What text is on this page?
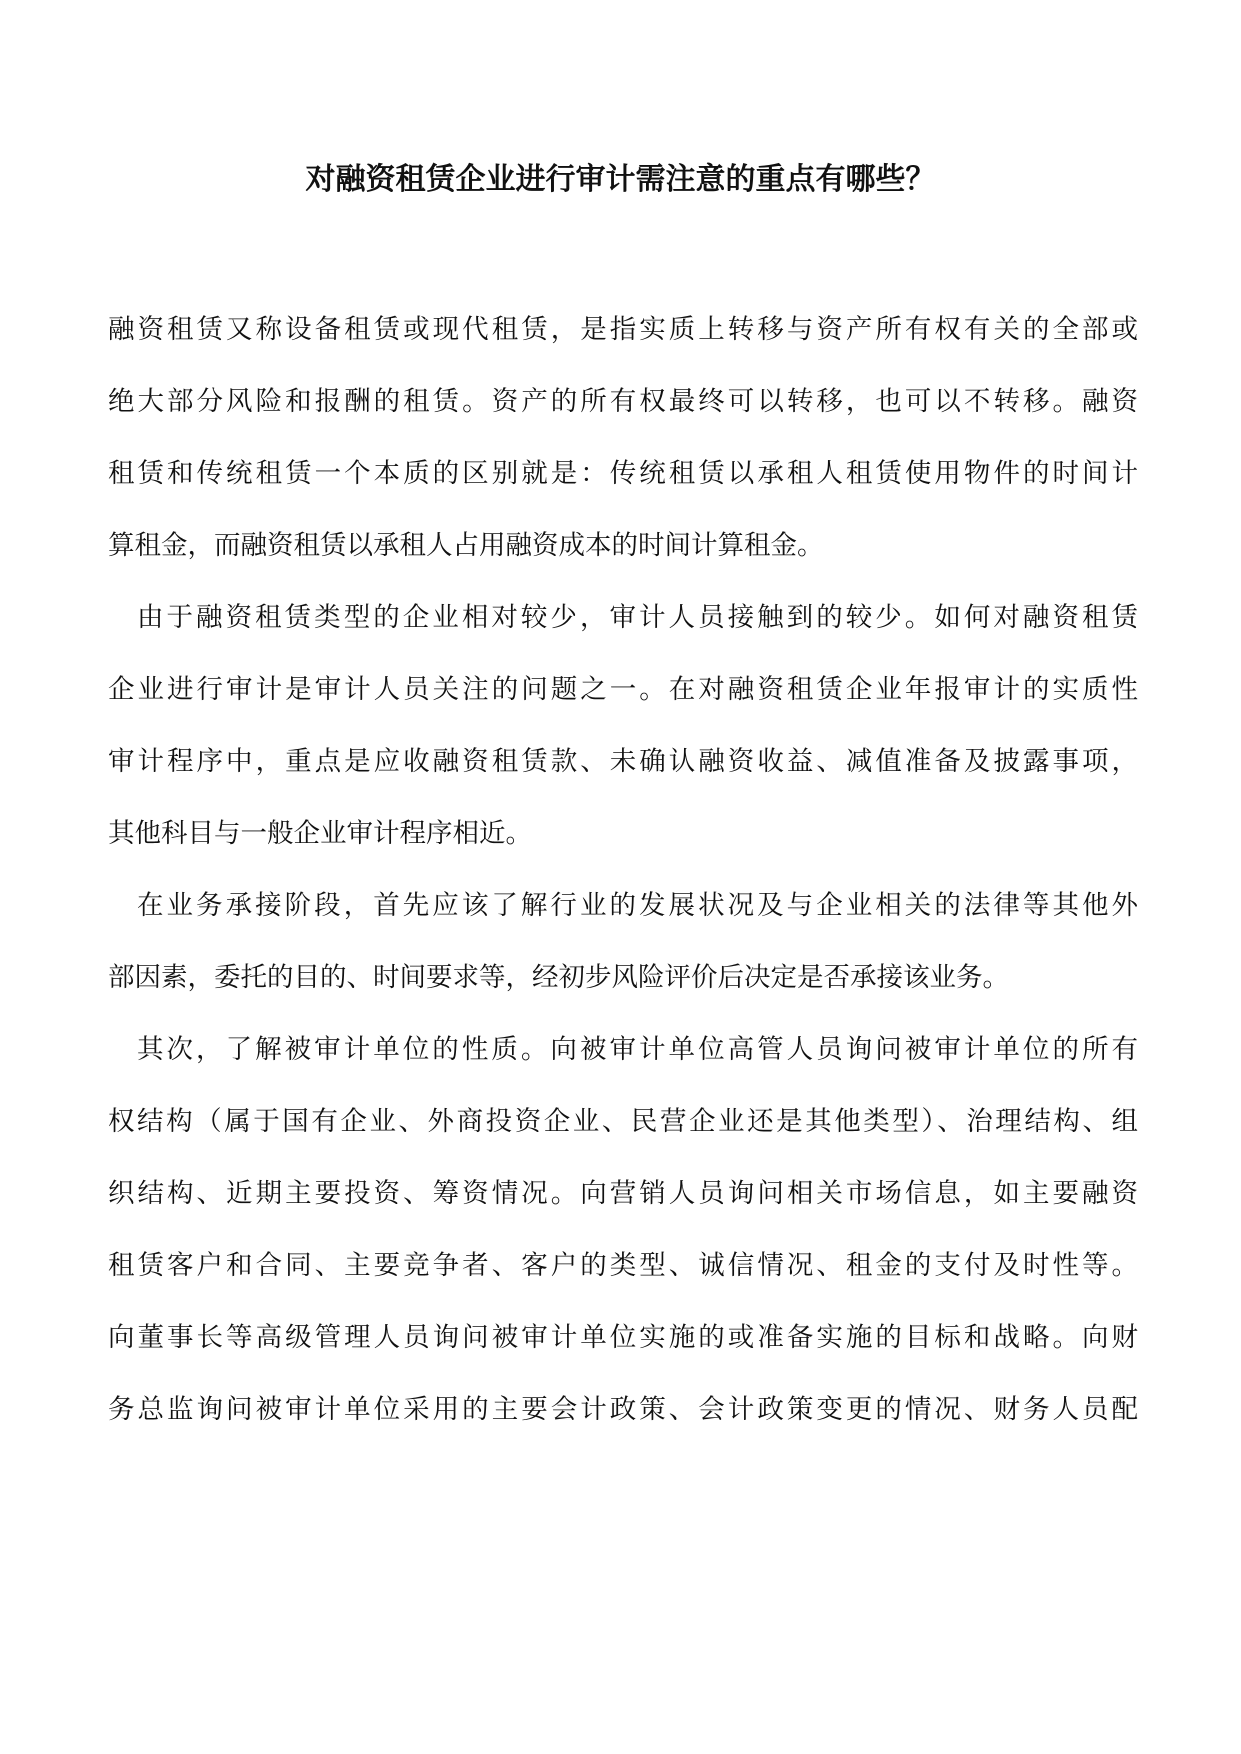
对融资租赁企业进行审计需注意的重点有哪些？

融资租赁又称设备租赁或现代租赁，是指实质上转移与资产所有权有关的全部或

绝大部分风险和报酬的租赁。资产的所有权最终可以转移，也可以不转移。融资

租赁和传统租赁一个本质的区别就是：传统租赁以承租人租赁使用物件的时间计

算租金，而融资租赁以承租人占用融资成本的时间计算租金。

由于融资租赁类型的企业相对较少，审计人员接触到的较少。如何对融资租赁

企业进行审计是审计人员关注的问题之一。在对融资租赁企业年报审计的实质性

审计程序中，重点是应收融资租赁款、未确认融资收益、减值准备及披露事项，

其他科目与一般企业审计程序相近。

在业务承接阶段，首先应该了解行业的发展状况及与企业相关的法律等其他外

部因素，委托的目的、时间要求等，经初步风险评价后决定是否承接该业务。

其次，了解被审计单位的性质。向被审计单位高管人员询问被审计单位的所有

权结构（属于国有企业、外商投资企业、民营企业还是其他类型）、治理结构、组

织结构、近期主要投资、筹资情况。向营销人员询问相关市场信息，如主要融资

租赁客户和合同、主要竞争者、客户的类型、诚信情况、租金的支付及时性等。

向董事长等高级管理人员询问被审计单位实施的或准备实施的目标和战略。向财

务总监询问被审计单位采用的主要会计政策、会计政策变更的情况、财务人员配
